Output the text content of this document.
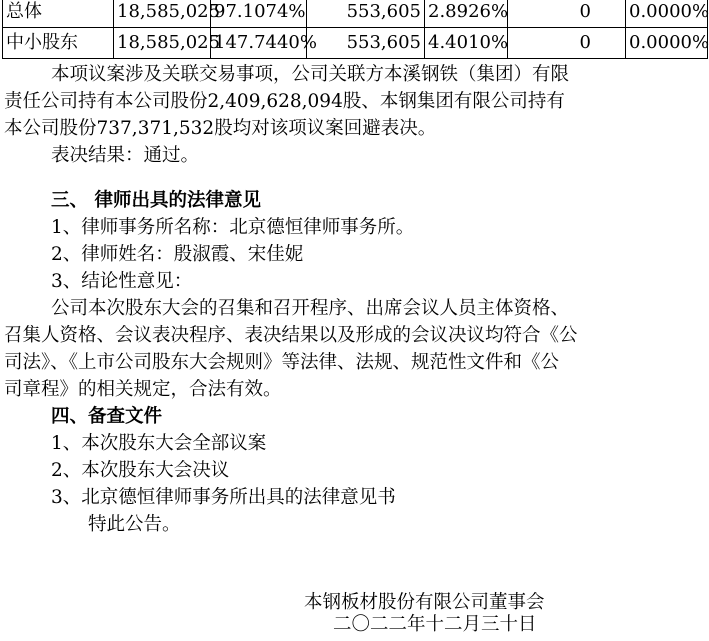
总体	18,585,025	97.1074%	553,605	2.8926%	0	0.0000%
中小股东	18,585,025	147.7440%	553,605	4.4010%	0	0.0000%
本项议案涉及关联交易事项，公司关联方本溪钢铁（集团）有限
责任公司持有本公司股份2,409,628,094股、本钢集团有限公司持有
本公司股份737,371,532股均对该项议案回避表决。
表决结果：通过。
三、 律师出具的法律意见
1、律师事务所名称：北京德恒律师事务所。
2、律师姓名：殷淑霞、宋佳妮
3、结论性意见：
公司本次股东大会的召集和召开程序、出席会议人员主体资格、
召集人资格、会议表决程序、表决结果以及形成的会议决议均符合《公
司法》、《上市公司股东大会规则》等法律、法规、规范性文件和《公
司章程》的相关规定，合法有效。
四、备查文件
1、本次股东大会全部议案
2、本次股东大会决议
3、北京德恒律师事务所出具的法律意见书
特此公告。
本钢板材股份有限公司董事会
二〇二二年十二月三十日
